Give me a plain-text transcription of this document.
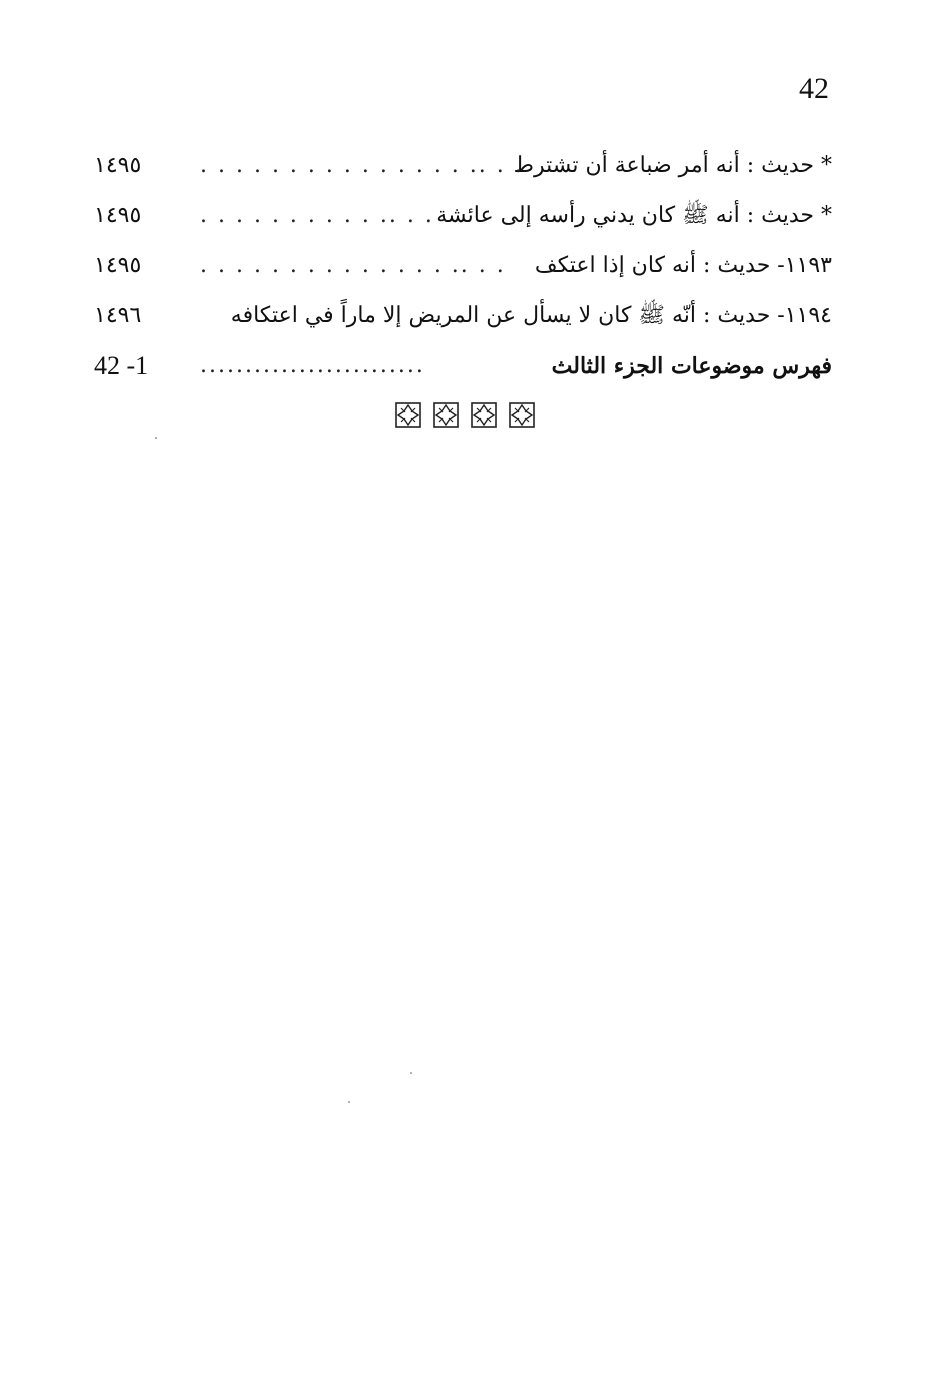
42
* حديث : أنه أمر ضباعة أن تشترط
. . . . . . . . . . . . . . . .. . .
١٤٩٥
* حديث : أنه ﷺ كان يدني رأسه إلى عائشة
. . . . . . . . . . .. . .
١٤٩٥
١١٩٣- حديث : أنه كان إذا اعتكف
. . . . . . . . . . . . . . .. . .
١٤٩٥
١١٩٤- حديث : أنّه ﷺ كان لا يسأل عن المريض إلا ماراً في اعتكافه
١٤٩٦
فهرس موضوعات الجزء الثالث
.........................
1- 42
